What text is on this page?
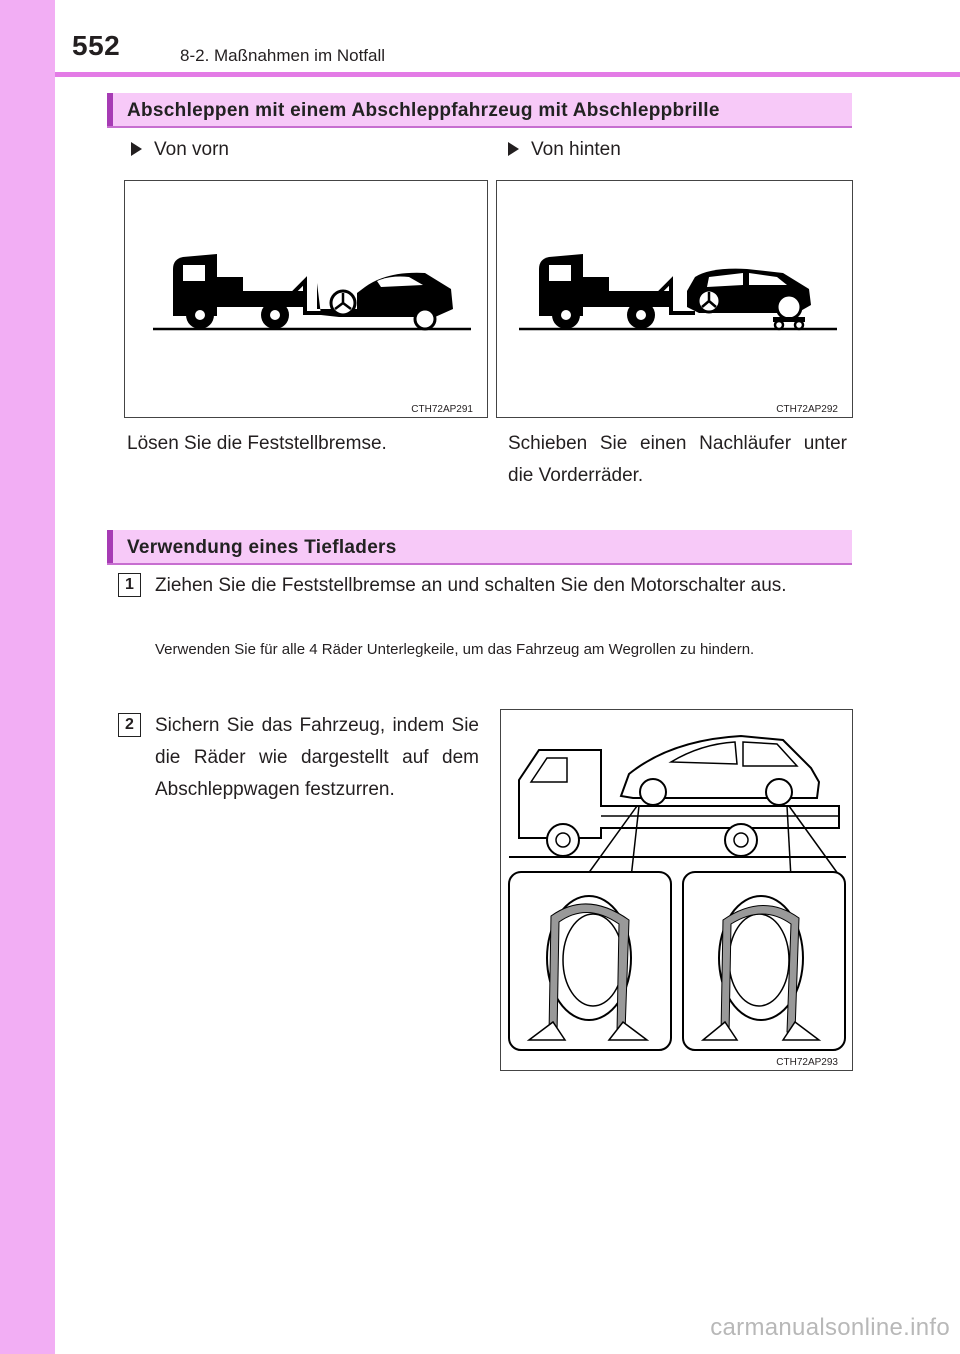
552	8-2. Maßnahmen im Notfall
Abschleppen mit einem Abschleppfahrzeug mit Abschleppbrille
Von vorn	Von hinten
CTH72AP291	CTH72AP292
Lösen Sie die Feststellbremse.	Schieben Sie einen Nachläufer unter die Vorderräder.
Verwendung eines Tiefladers
1	Ziehen Sie die Feststellbremse an und schalten Sie den Motorschalter aus.
Verwenden Sie für alle 4 Räder Unterlegkeile, um das Fahrzeug am Wegrollen zu hindern.
2	Sichern Sie das Fahrzeug, indem Sie die Räder wie dargestellt auf dem Abschleppwagen festzurren.
CTH72AP293
carmanualsonline.info
